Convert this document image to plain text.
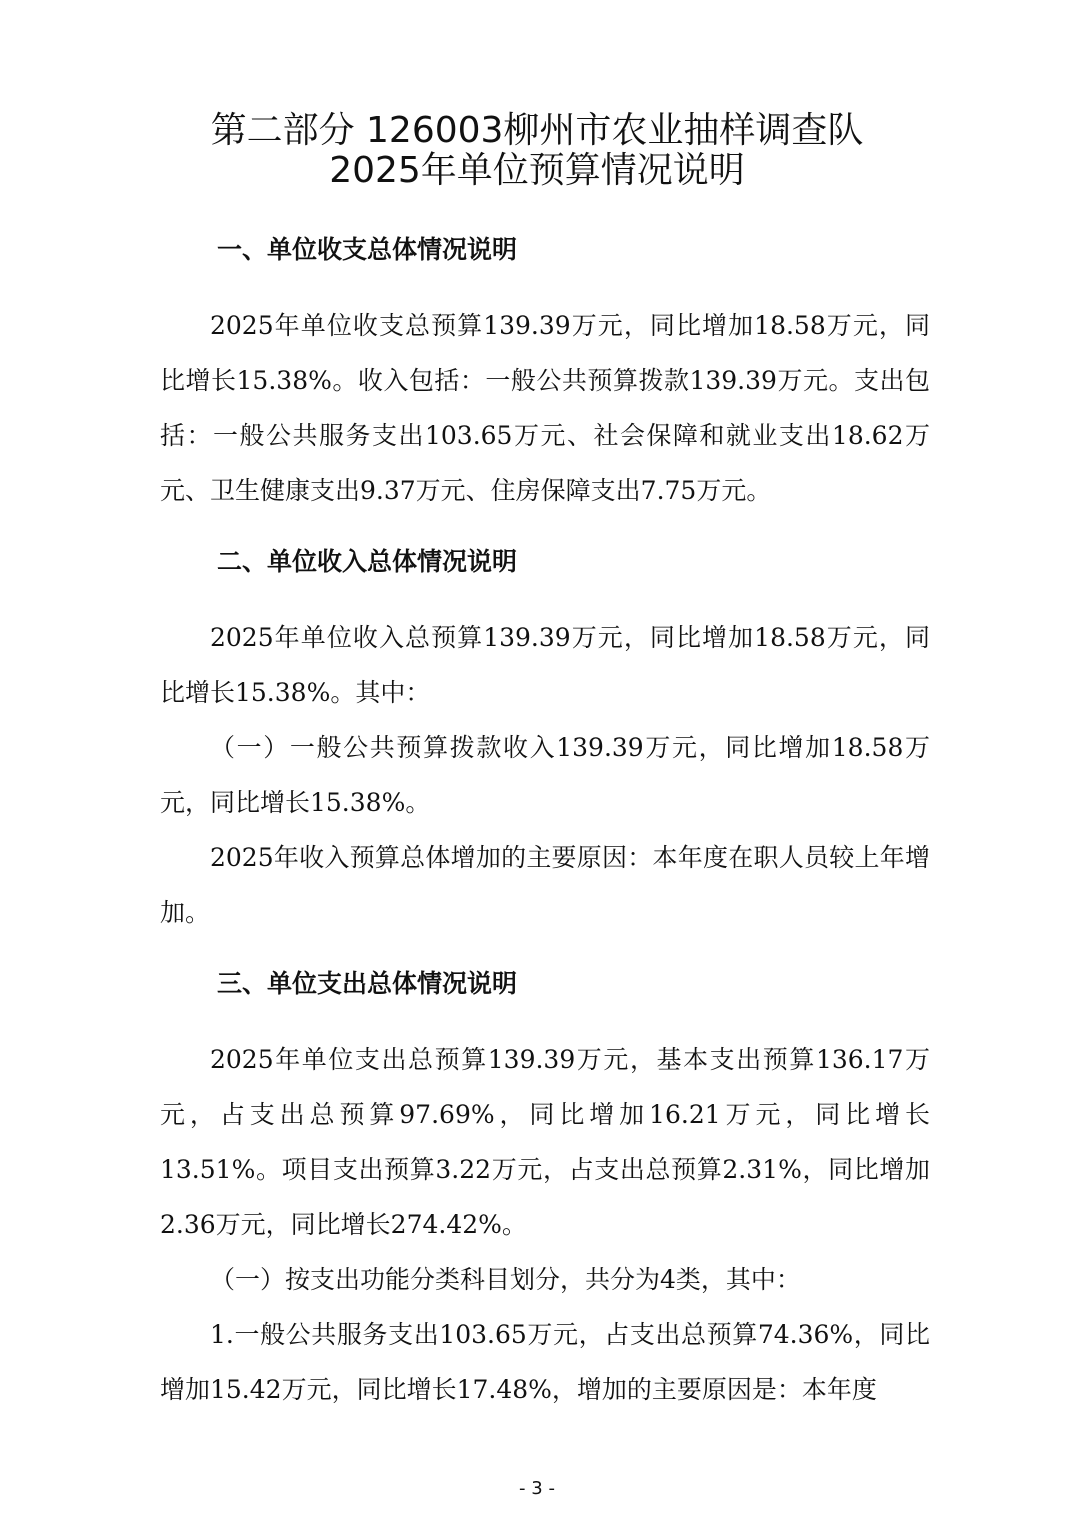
第二部分 126003柳州市农业抽样调查队
2025年单位预算情况说明
一、单位收支总体情况说明

2025年单位收支总预算139.39万元，同比增加18.58万元，同比增长15.38%。收入包括：一般公共预算拨款139.39万元。支出包括：一般公共服务支出103.65万元、社会保障和就业支出18.62万元、卫生健康支出9.37万元、住房保障支出7.75万元。

二、单位收入总体情况说明

2025年单位收入总预算139.39万元，同比增加18.58万元，同比增长15.38%。其中：

（一）一般公共预算拨款收入139.39万元，同比增加18.58万元，同比增长15.38%。

2025年收入预算总体增加的主要原因：本年度在职人员较上年增加。

三、单位支出总体情况说明

2025年单位支出总预算139.39万元，基本支出预算136.17万元，占支出总预算97.69%，同比增加16.21万元，同比增长13.51%。项目支出预算3.22万元，占支出总预算2.31%，同比增加2.36万元，同比增长274.42%。

（一）按支出功能分类科目划分，共分为4类，其中：

1.一般公共服务支出103.65万元，占支出总预算74.36%，同比增加15.42万元，同比增长17.48%，增加的主要原因是：本年度

- 3 -
